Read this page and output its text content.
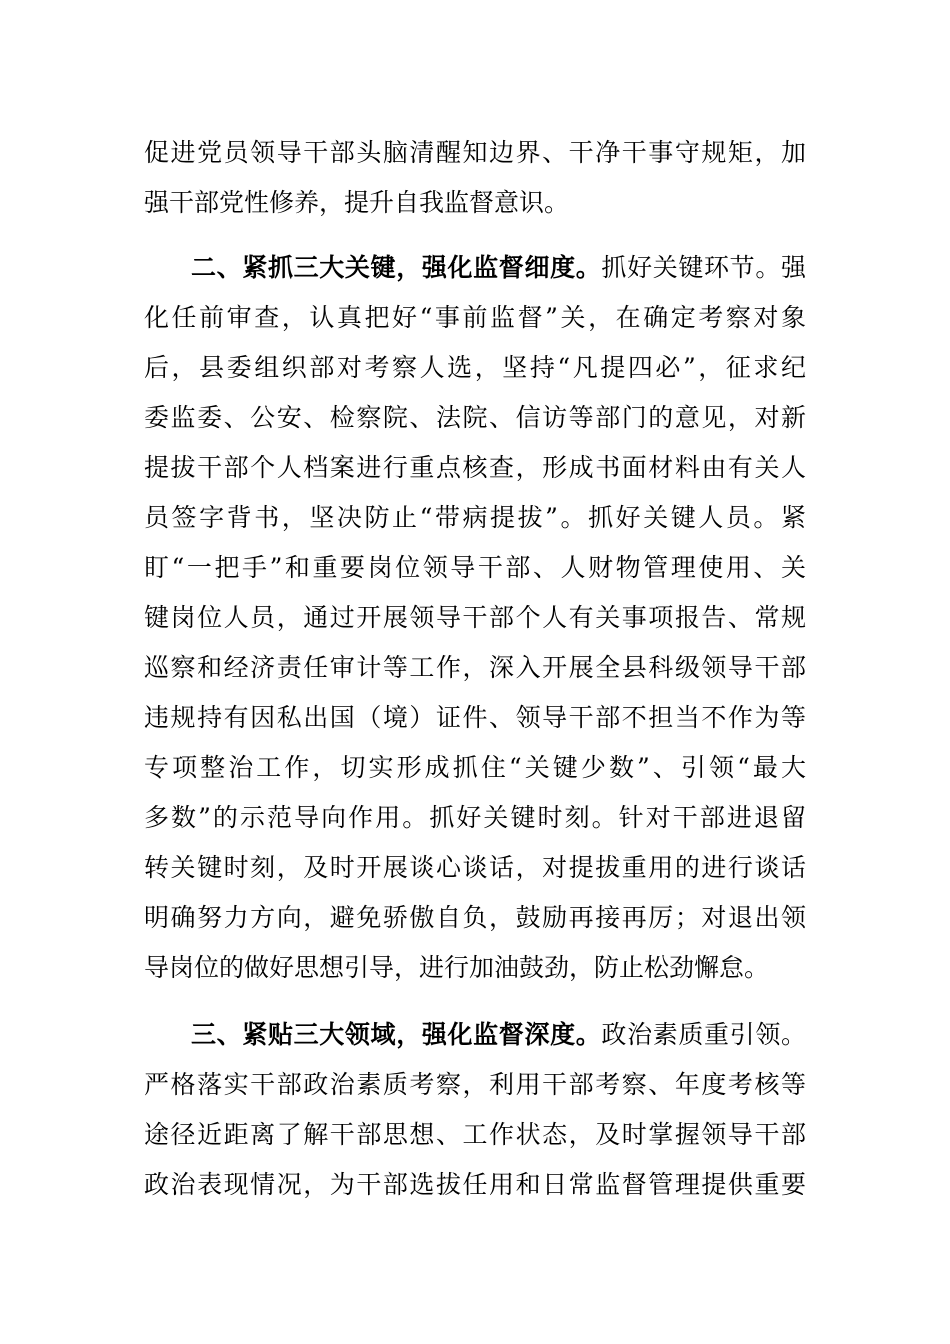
促进党员领导干部头脑清醒知边界、干净干事守规矩，加
强干部党性修养，提升自我监督意识。
二、紧抓三大关键，强化监督细度。抓好关键环节。强
化任前审查，认真把好“事前监督”关，在确定考察对象
后，县委组织部对考察人选，坚持“凡提四必”，征求纪
委监委、公安、检察院、法院、信访等部门的意见，对新
提拔干部个人档案进行重点核查，形成书面材料由有关人
员签字背书，坚决防止“带病提拔”。抓好关键人员。紧
盯“一把手”和重要岗位领导干部、人财物管理使用、关
键岗位人员，通过开展领导干部个人有关事项报告、常规
巡察和经济责任审计等工作，深入开展全县科级领导干部
违规持有因私出国（境）证件、领导干部不担当不作为等
专项整治工作，切实形成抓住“关键少数”、引领“最大
多数”的示范导向作用。抓好关键时刻。针对干部进退留
转关键时刻，及时开展谈心谈话，对提拔重用的进行谈话
明确努力方向，避免骄傲自负，鼓励再接再厉；对退出领
导岗位的做好思想引导，进行加油鼓劲，防止松劲懈怠。
三、紧贴三大领域，强化监督深度。政治素质重引领。
严格落实干部政治素质考察，利用干部考察、年度考核等
途径近距离了解干部思想、工作状态，及时掌握领导干部
政治表现情况，为干部选拔任用和日常监督管理提供重要
